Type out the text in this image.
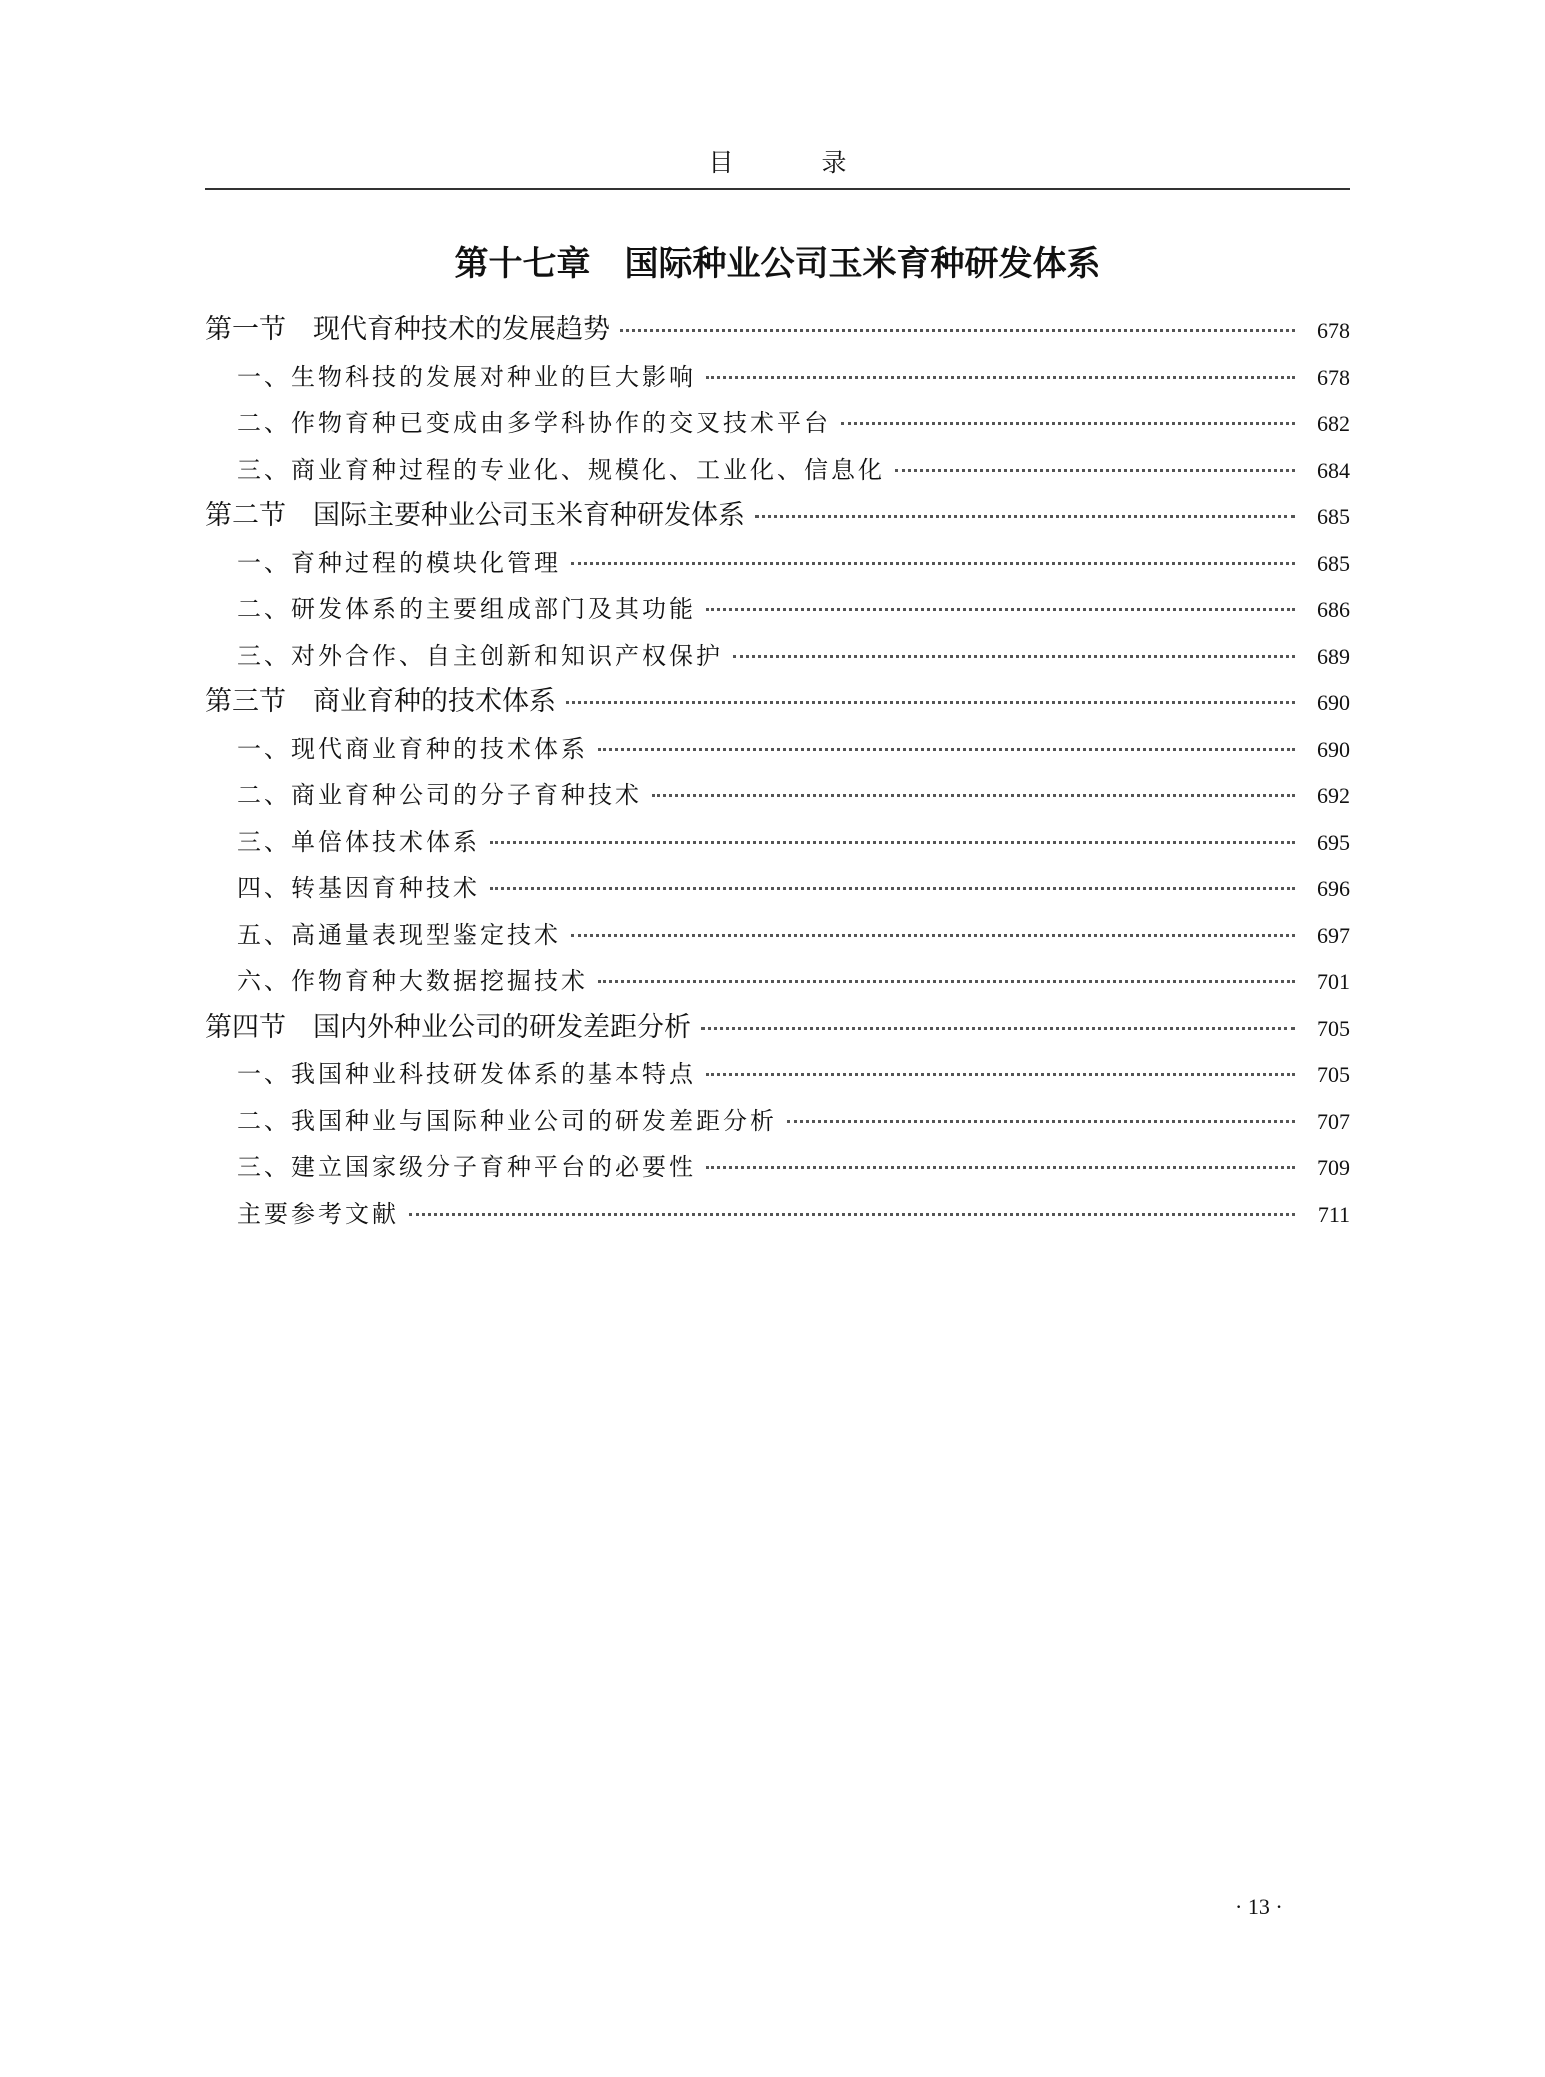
目 录
第十七章　国际种业公司玉米育种研发体系
第一节　现代育种技术的发展趋势	678
一、生物科技的发展对种业的巨大影响	678
二、作物育种已变成由多学科协作的交叉技术平台	682
三、商业育种过程的专业化、规模化、工业化、信息化	684
第二节　国际主要种业公司玉米育种研发体系	685
一、育种过程的模块化管理	685
二、研发体系的主要组成部门及其功能	686
三、对外合作、自主创新和知识产权保护	689
第三节　商业育种的技术体系	690
一、现代商业育种的技术体系	690
二、商业育种公司的分子育种技术	692
三、单倍体技术体系	695
四、转基因育种技术	696
五、高通量表现型鉴定技术	697
六、作物育种大数据挖掘技术	701
第四节　国内外种业公司的研发差距分析	705
一、我国种业科技研发体系的基本特点	705
二、我国种业与国际种业公司的研发差距分析	707
三、建立国家级分子育种平台的必要性	709
主要参考文献	711
· 13 ·
